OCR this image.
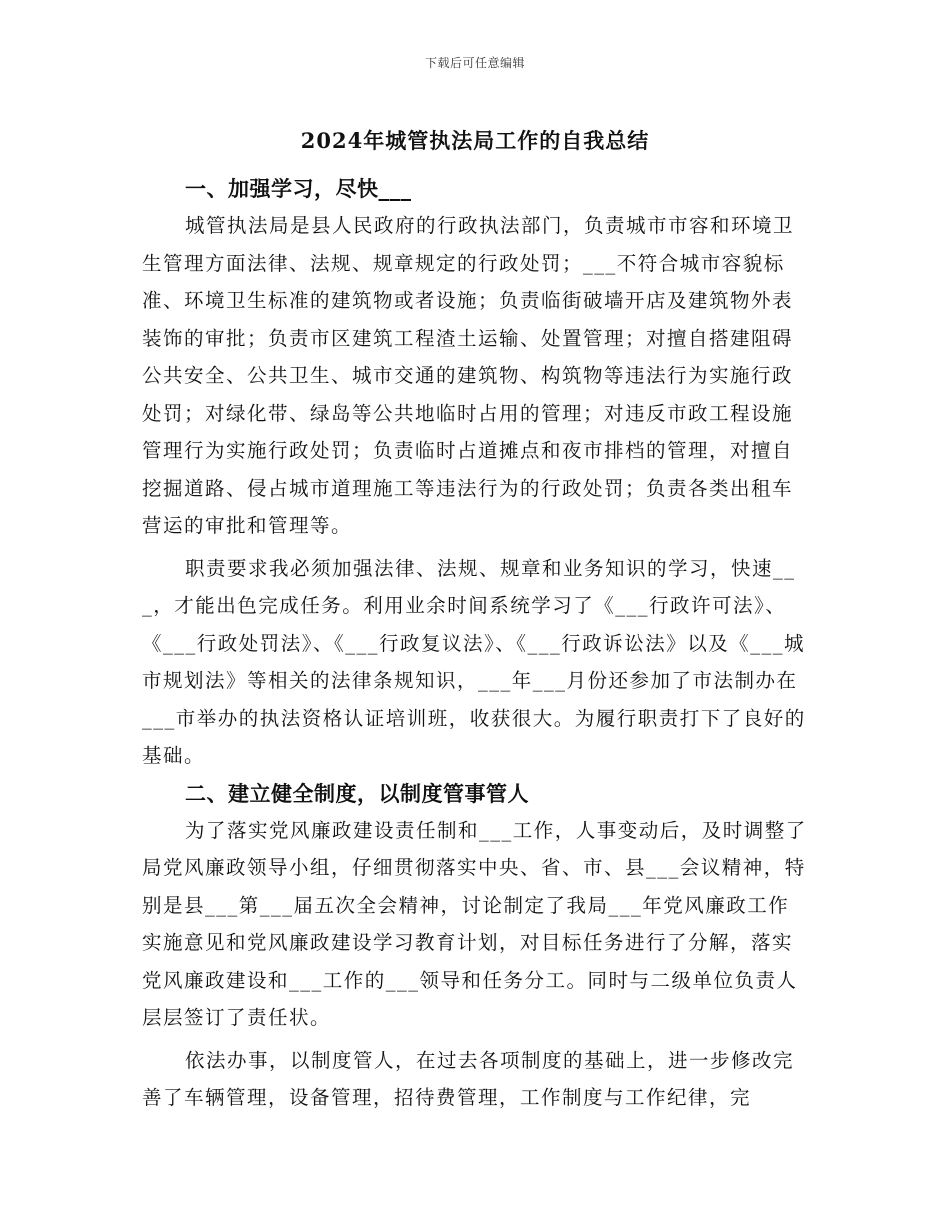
下载后可任意编辑
2024年城管执法局工作的自我总结
一、加强学习，尽快___

城管执法局是县人民政府的行政执法部门，负责城市市容和环境卫生管理方面法律、法规、规章规定的行政处罚；___不符合城市容貌标准、环境卫生标准的建筑物或者设施；负责临街破墙开店及建筑物外表装饰的审批；负责市区建筑工程渣土运输、处置管理；对擅自搭建阻碍公共安全、公共卫生、城市交通的建筑物、构筑物等违法行为实施行政处罚；对绿化带、绿岛等公共地临时占用的管理；对违反市政工程设施管理行为实施行政处罚；负责临时占道摊点和夜市排档的管理，对擅自挖掘道路、侵占城市道理施工等违法行为的行政处罚；负责各类出租车营运的审批和管理等。

职责要求我必须加强法律、法规、规章和业务知识的学习，快速___，才能出色完成任务。利用业余时间系统学习了《___行政许可法》、《___行政处罚法》、《___行政复议法》、《___行政诉讼法》以及《___城市规划法》等相关的法律条规知识，___年___月份还参加了市法制办在___市举办的执法资格认证培训班，收获很大。为履行职责打下了良好的基础。

二、建立健全制度，以制度管事管人

为了落实党风廉政建设责任制和___工作，人事变动后，及时调整了局党风廉政领导小组，仔细贯彻落实中央、省、市、县___会议精神，特别是县___第___届五次全会精神，讨论制定了我局___年党风廉政工作实施意见和党风廉政建设学习教育计划，对目标任务进行了分解，落实党风廉政建设和___工作的___领导和任务分工。同时与二级单位负责人层层签订了责任状。

依法办事，以制度管人，在过去各项制度的基础上，进一步修改完善了车辆管理，设备管理，招待费管理，工作制度与工作纪律，完
